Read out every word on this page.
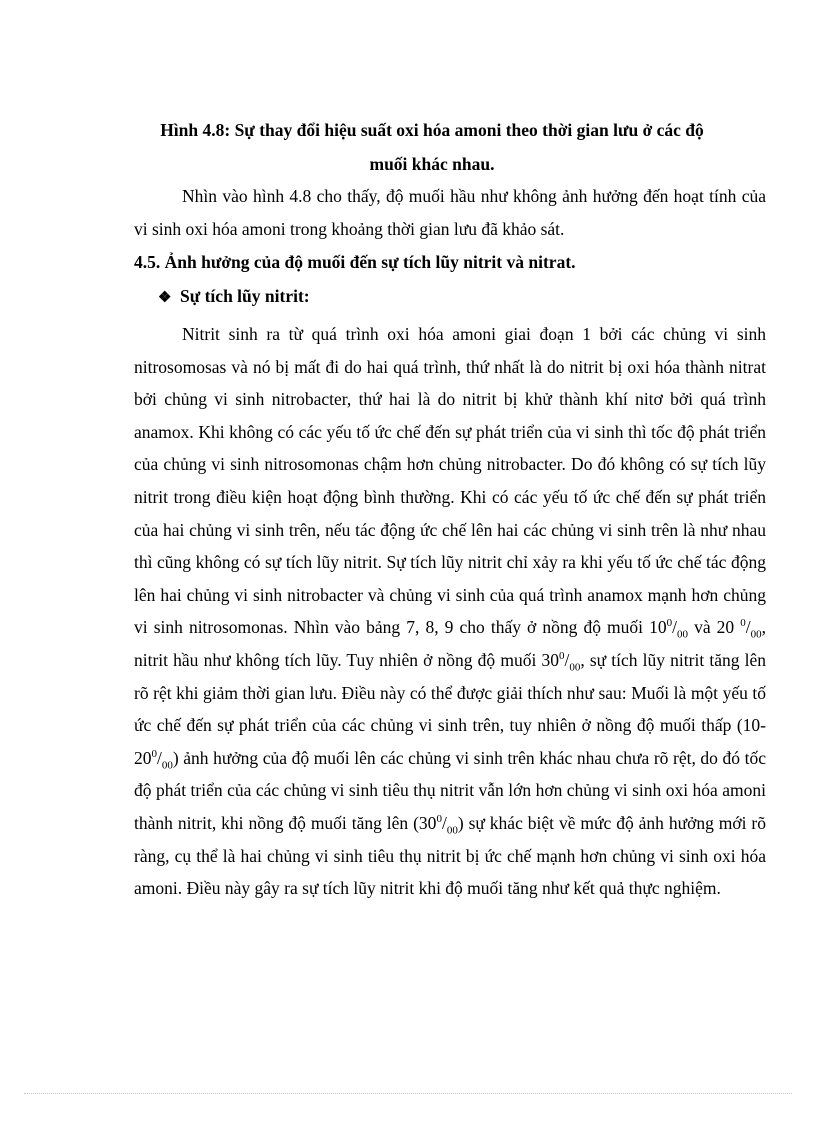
Hình 4.8: Sự thay đổi hiệu suất oxi hóa amoni theo thời gian lưu ở các độ
muối khác nhau.

Nhìn vào hình 4.8 cho thấy, độ muối hầu như không ảnh hưởng đến hoạt tính của vi sinh oxi hóa amoni trong khoảng thời gian lưu đã khảo sát.

4.5. Ảnh hưởng của độ muối đến sự tích lũy nitrit và nitrat.
❖ Sự tích lũy nitrit:

Nitrit sinh ra từ quá trình oxi hóa amoni giai đoạn 1 bởi các chủng vi sinh nitrosomosas và nó bị mất đi do hai quá trình, thứ nhất là do nitrit bị oxi hóa thành nitrat bởi chủng vi sinh nitrobacter, thứ hai là do nitrit bị khử thành khí nitơ bởi quá trình anamox. Khi không có các yếu tố ức chế đến sự phát triển của vi sinh thì tốc độ phát triển của chủng vi sinh nitrosomonas chậm hơn chủng nitrobacter. Do đó không có sự tích lũy nitrit trong điều kiện hoạt động bình thường. Khi có các yếu tố ức chế đến sự phát triển của hai chủng vi sinh trên, nếu tác động ức chế lên hai các chủng vi sinh trên là như nhau thì cũng không có sự tích lũy nitrit. Sự tích lũy nitrit chỉ xảy ra khi yếu tố ức chế tác động lên hai chủng vi sinh nitrobacter và chủng vi sinh của quá trình anamox mạnh hơn chủng vi sinh nitrosomonas. Nhìn vào bảng 7, 8, 9 cho thấy ở nồng độ muối $10^0/_{00}$ và 20 $^0/_{00}$, nitrit hầu như không tích lũy. Tuy nhiên ở nồng độ muối $30^0/_{00}$, sự tích lũy nitrit tăng lên rõ rệt khi giảm thời gian lưu. Điều này có thể được giải thích như sau: Muối là một yếu tố ức chế đến sự phát triển của các chủng vi sinh trên, tuy nhiên ở nồng độ muối thấp $(10-20^0/_{00})$ ảnh hưởng của độ muối lên các chủng vi sinh trên khác nhau chưa rõ rệt, do đó tốc độ phát triển của các chủng vi sinh tiêu thụ nitrit vẫn lớn hơn chủng vi sinh oxi hóa amoni thành nitrit, khi nồng độ muối tăng lên $(30^0/_{00})$ sự khác biệt về mức độ ảnh hưởng mới rõ ràng, cụ thể là hai chủng vi sinh tiêu thụ nitrit bị ức chế mạnh hơn chủng vi sinh oxi hóa amoni. Điều này gây ra sự tích lũy nitrit khi độ muối tăng như kết quả thực nghiệm.
